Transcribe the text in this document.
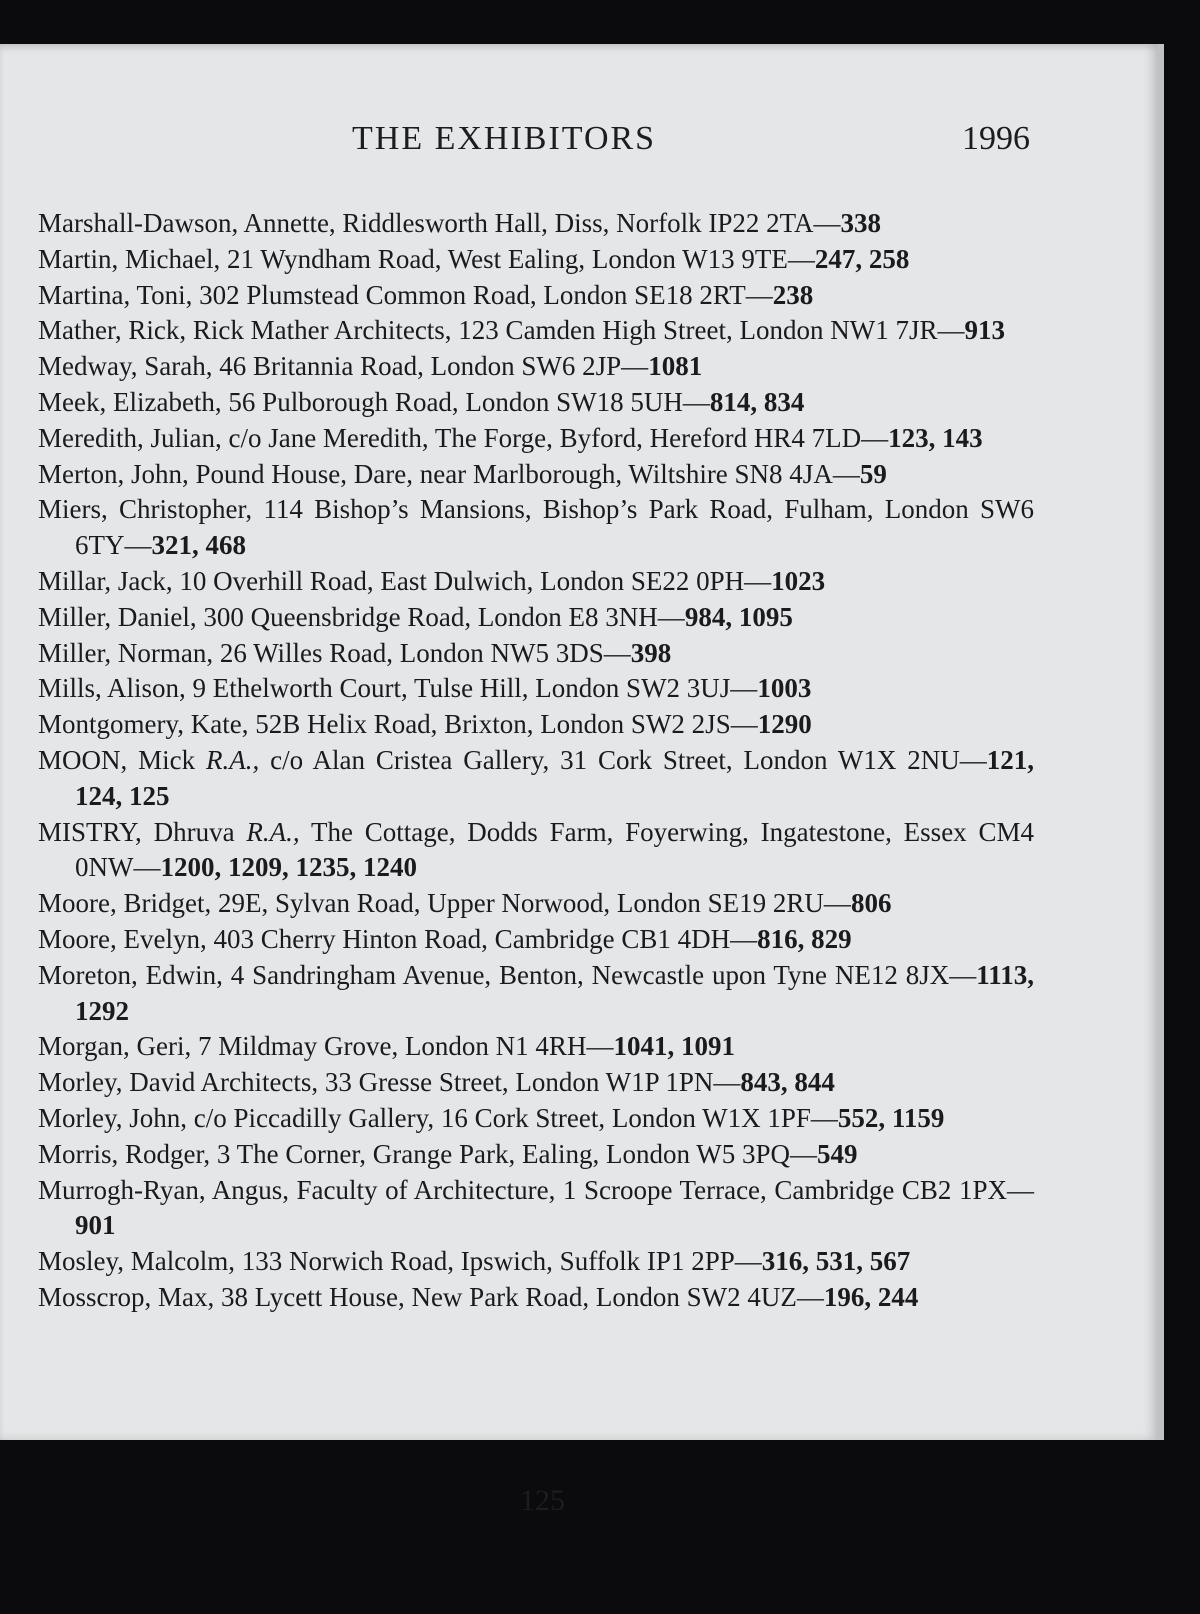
THE EXHIBITORS	1996
Marshall-Dawson, Annette, Riddlesworth Hall, Diss, Norfolk IP22 2TA—338
Martin, Michael, 21 Wyndham Road, West Ealing, London W13 9TE—247, 258
Martina, Toni, 302 Plumstead Common Road, London SE18 2RT—238
Mather, Rick, Rick Mather Architects, 123 Camden High Street, London NW1 7JR—913
Medway, Sarah, 46 Britannia Road, London SW6 2JP—1081
Meek, Elizabeth, 56 Pulborough Road, London SW18 5UH—814, 834
Meredith, Julian, c/o Jane Meredith, The Forge, Byford, Hereford HR4 7LD—123, 143
Merton, John, Pound House, Dare, near Marlborough, Wiltshire SN8 4JA—59
Miers, Christopher, 114 Bishop’s Mansions, Bishop’s Park Road, Fulham, London SW6 6TY—321, 468
Millar, Jack, 10 Overhill Road, East Dulwich, London SE22 0PH—1023
Miller, Daniel, 300 Queensbridge Road, London E8 3NH—984, 1095
Miller, Norman, 26 Willes Road, London NW5 3DS—398
Mills, Alison, 9 Ethelworth Court, Tulse Hill, London SW2 3UJ—1003
Montgomery, Kate, 52B Helix Road, Brixton, London SW2 2JS—1290
MOON, Mick R.A., c/o Alan Cristea Gallery, 31 Cork Street, London W1X 2NU—121, 124, 125
MISTRY, Dhruva R.A., The Cottage, Dodds Farm, Foyerwing, Ingatestone, Essex CM4 0NW—1200, 1209, 1235, 1240
Moore, Bridget, 29E, Sylvan Road, Upper Norwood, London SE19 2RU—806
Moore, Evelyn, 403 Cherry Hinton Road, Cambridge CB1 4DH—816, 829
Moreton, Edwin, 4 Sandringham Avenue, Benton, Newcastle upon Tyne NE12 8JX—1113, 1292
Morgan, Geri, 7 Mildmay Grove, London N1 4RH—1041, 1091
Morley, David Architects, 33 Gresse Street, London W1P 1PN—843, 844
Morley, John, c/o Piccadilly Gallery, 16 Cork Street, London W1X 1PF—552, 1159
Morris, Rodger, 3 The Corner, Grange Park, Ealing, London W5 3PQ—549
Murrogh-Ryan, Angus, Faculty of Architecture, 1 Scroope Terrace, Cambridge CB2 1PX—901
Mosley, Malcolm, 133 Norwich Road, Ipswich, Suffolk IP1 2PP—316, 531, 567
Mosscrop, Max, 38 Lycett House, New Park Road, London SW2 4UZ—196, 244
125
